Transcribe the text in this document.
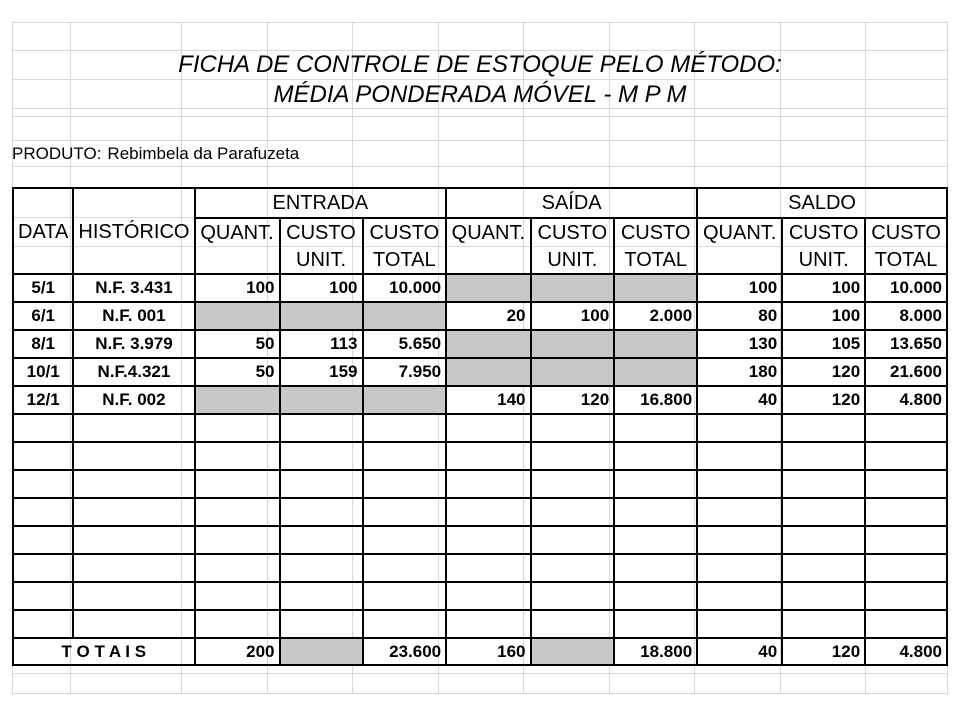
FICHA DE CONTROLE DE ESTOQUE PELO MÉTODO:
MÉDIA PONDERADA MÓVEL - M P M
PRODUTO: Rebimbela da Parafuzeta
		ENTRADA			SAÍDA			SALDO		
DATA	HISTÓRICO	QUANT.	CUSTO	CUSTO	QUANT.	CUSTO	CUSTO	QUANT.	CUSTO	CUSTO
			UNIT.	TOTAL		UNIT.	TOTAL		UNIT.	TOTAL
5/1	N.F. 3.431	100	100	10.000				100	100	10.000
6/1	N.F. 001				20	100	2.000	80	100	8.000
8/1	N.F. 3.979	50	113	5.650				130	105	13.650
10/1	N.F.4.321	50	159	7.950				180	120	21.600
12/1	N.F. 002				140	120	16.800	40	120	4.800

T O T A I S		200		23.600	160		18.800	40	120	4.800
